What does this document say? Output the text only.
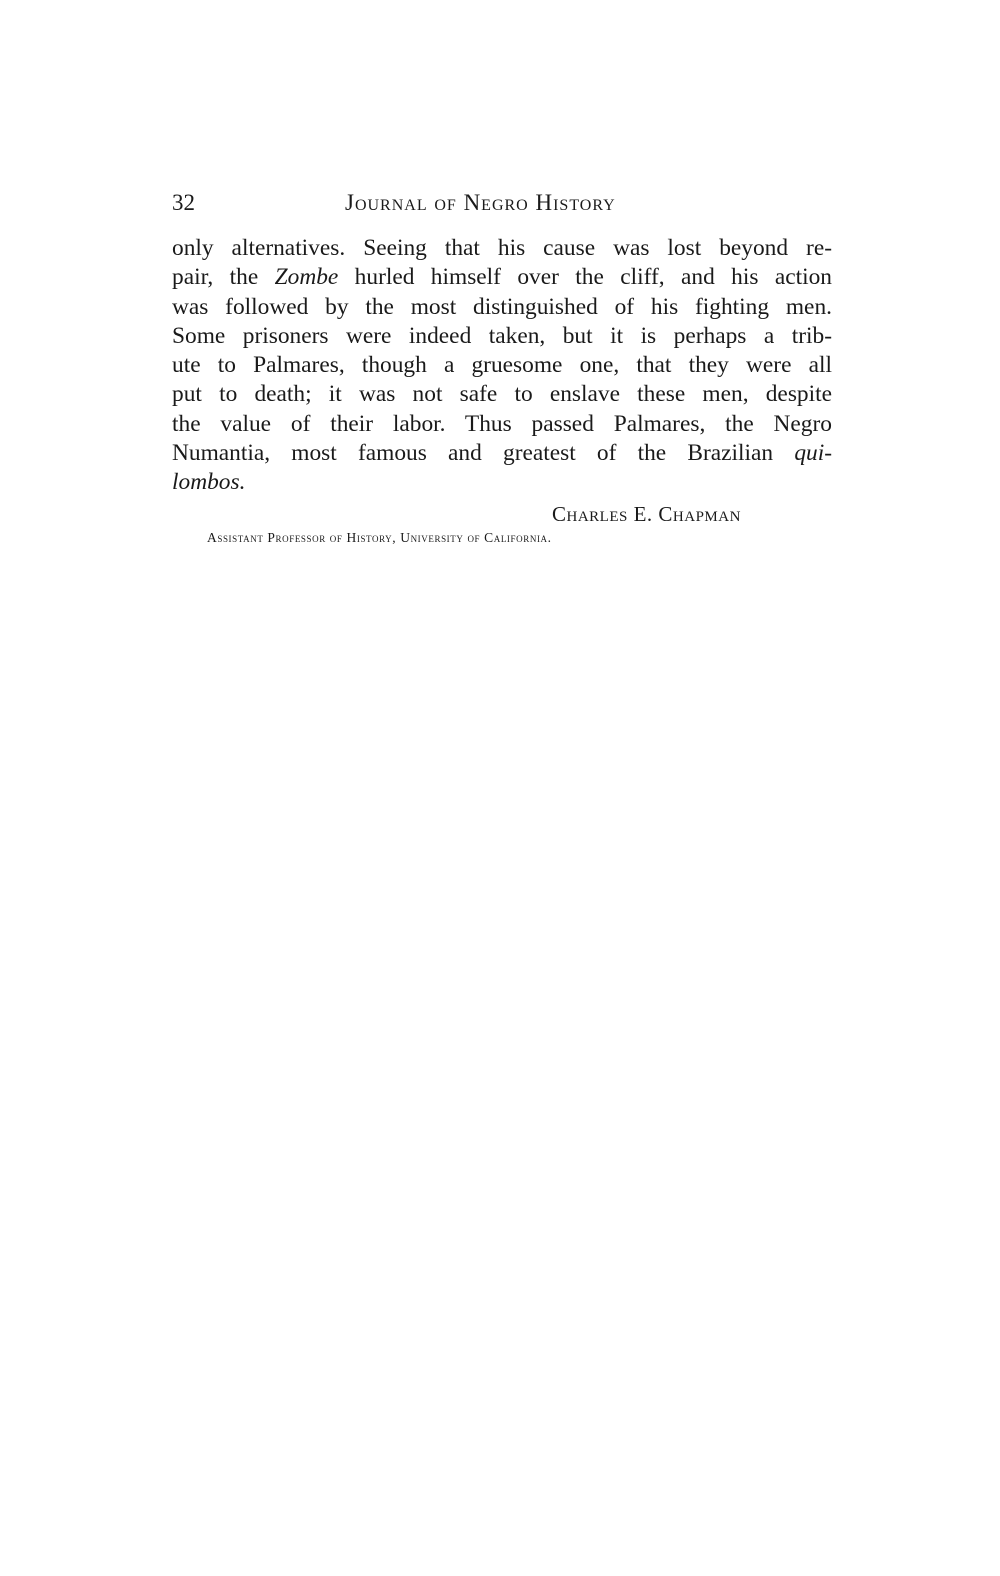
32	Journal of Negro History
only alternatives. Seeing that his cause was lost beyond re-
pair, the Zombe hurled himself over the cliff, and his action
was followed by the most distinguished of his fighting men.
Some prisoners were indeed taken, but it is perhaps a trib-
ute to Palmares, though a gruesome one, that they were all
put to death; it was not safe to enslave these men, despite
the value of their labor. Thus passed Palmares, the Negro
Numantia, most famous and greatest of the Brazilian qui-
lombos.
Charles E. Chapman
Assistant Professor of History, University of California.
